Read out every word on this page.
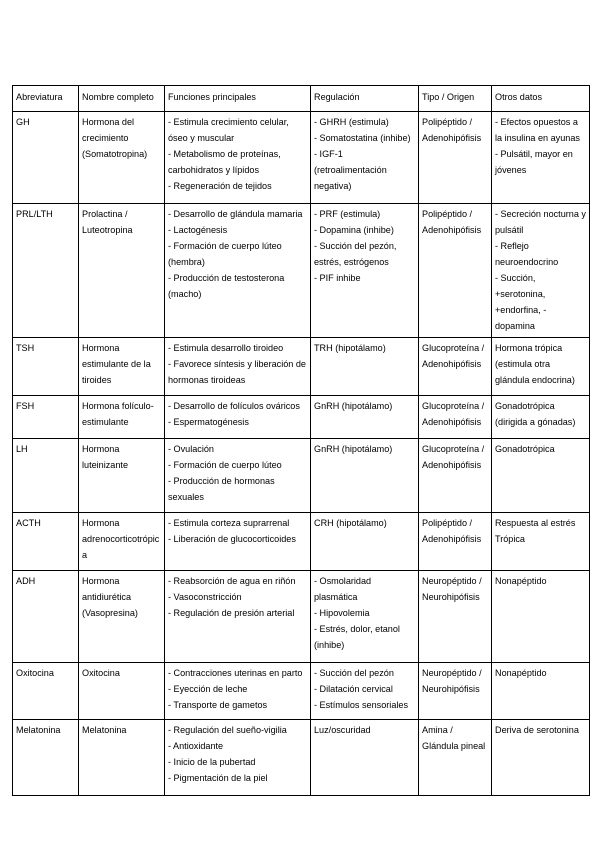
Abreviatura	Nombre completo	Funciones principales	Regulación	Tipo / Origen	Otros datos

GH	Hormona del crecimiento (Somatotropina)	- Estimula crecimiento celular, óseo y muscular
- Metabolismo de proteínas, carbohidratos y lípidos
- Regeneración de tejidos	- GHRH (estimula)
- Somatostatina (inhibe)
- IGF-1 (retroalimentación negativa)	Polipéptido / Adenohipófisis	- Efectos opuestos a la insulina en ayunas
- Pulsátil, mayor en jóvenes

PRL/LTH	Prolactina / Luteotropina	- Desarrollo de glándula mamaria
- Lactogénesis
- Formación de cuerpo lúteo (hembra)
- Producción de testosterona (macho)	- PRF (estimula)
- Dopamina (inhibe)
- Succión del pezón, estrés, estrógenos
- PIF inhibe	Polipéptido / Adenohipófisis	- Secreción nocturna y pulsátil
- Reflejo neuroendocrino
- Succión, +serotonina, +endorfina, -dopamina

TSH	Hormona estimulante de la tiroides	- Estimula desarrollo tiroideo
- Favorece síntesis y liberación de hormonas tiroideas	TRH (hipotálamo)	Glucoproteína / Adenohipófisis	Hormona trópica (estimula otra glándula endocrina)

FSH	Hormona folículo-estimulante	- Desarrollo de folículos ováricos
- Espermatogénesis	GnRH (hipotálamo)	Glucoproteína / Adenohipófisis	Gonadotrópica (dirigida a gónadas)

LH	Hormona luteinizante	- Ovulación
- Formación de cuerpo lúteo
- Producción de hormonas sexuales	GnRH (hipotálamo)	Glucoproteína / Adenohipófisis	Gonadotrópica

ACTH	Hormona adrenocorticotrópica	- Estimula corteza suprarrenal
- Liberación de glucocorticoides	CRH (hipotálamo)	Polipéptido / Adenohipófisis	Respuesta al estrés Trópica

ADH	Hormona antidiurética (Vasopresina)	- Reabsorción de agua en riñón
- Vasoconstricción
- Regulación de presión arterial	- Osmolaridad plasmática
- Hipovolemia
- Estrés, dolor, etanol (inhibe)	Neuropéptido / Neurohipófisis	Nonapéptido

Oxitocina	Oxitocina	- Contracciones uterinas en parto
- Eyección de leche
- Transporte de gametos	- Succión del pezón
- Dilatación cervical
- Estímulos sensoriales	Neuropéptido / Neurohipófisis	Nonapéptido

Melatonina	Melatonina	- Regulación del sueño-vigilia
- Antioxidante
- Inicio de la pubertad
- Pigmentación de la piel	Luz/oscuridad	Amina / Glándula pineal	Deriva de serotonina
